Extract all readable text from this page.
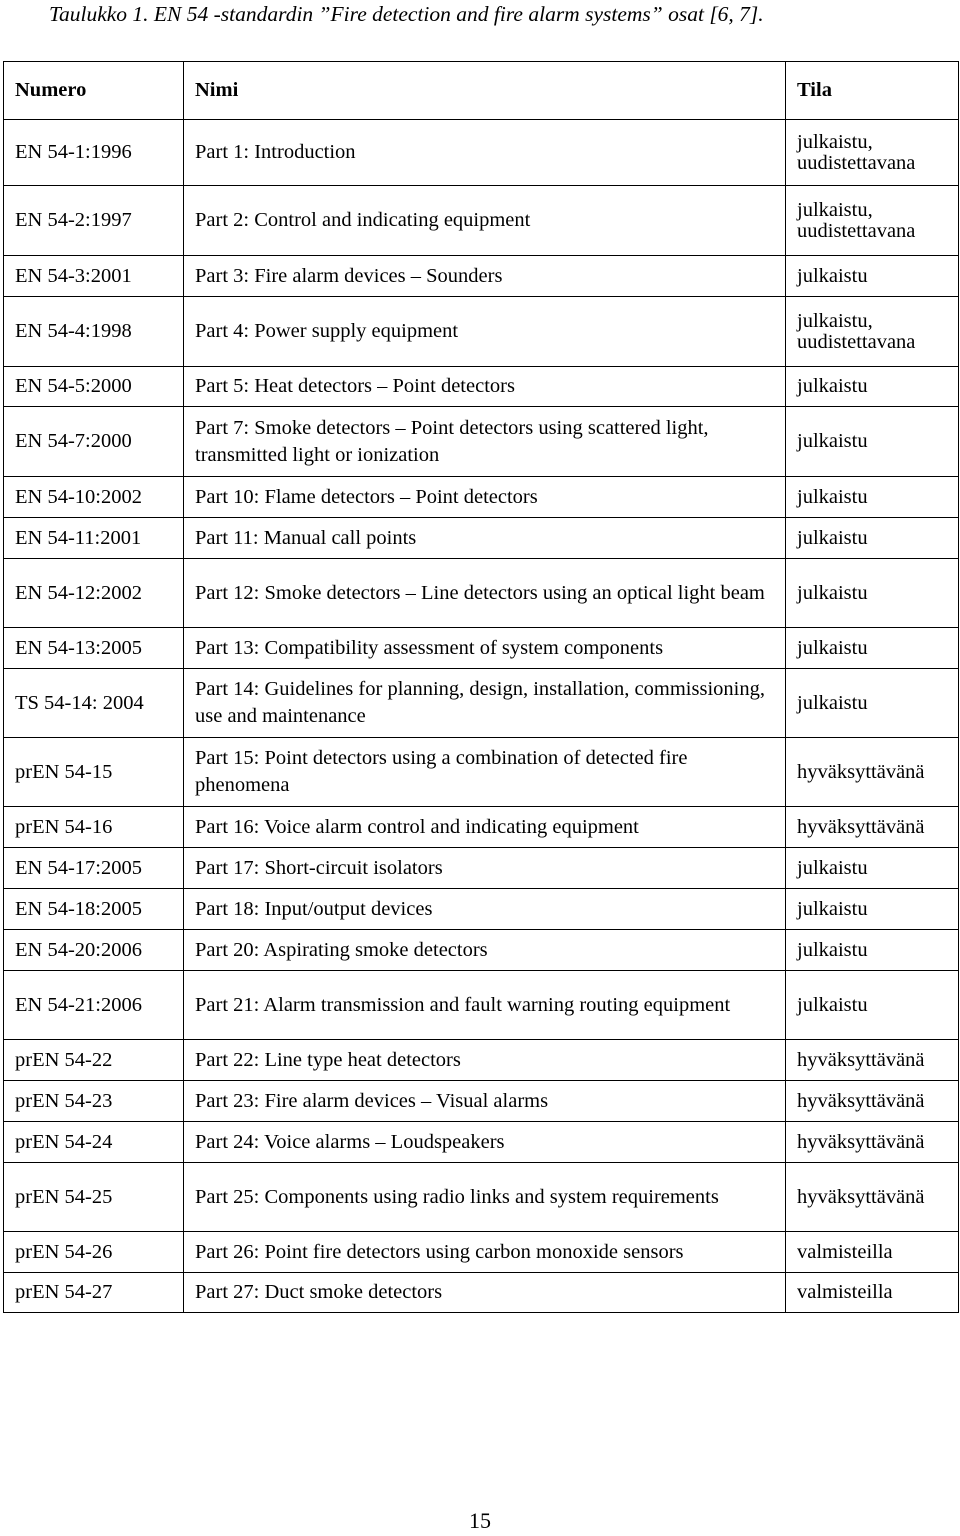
Taulukko 1. EN 54 -standardin ”Fire detection and fire alarm systems” osat [6, 7].
Numero	Nimi	Tila
EN 54-1:1996	Part 1: Introduction	julkaistu, uudistettavana
EN 54-2:1997	Part 2: Control and indicating equipment	julkaistu, uudistettavana
EN 54-3:2001	Part 3: Fire alarm devices – Sounders	julkaistu
EN 54-4:1998	Part 4: Power supply equipment	julkaistu, uudistettavana
EN 54-5:2000	Part 5: Heat detectors – Point detectors	julkaistu
EN 54-7:2000	Part 7: Smoke detectors – Point detectors using scattered light, transmitted light or ionization	julkaistu
EN 54-10:2002	Part 10: Flame detectors – Point detectors	julkaistu
EN 54-11:2001	Part 11: Manual call points	julkaistu
EN 54-12:2002	Part 12: Smoke detectors – Line detectors using an optical light beam	julkaistu
EN 54-13:2005	Part 13: Compatibility assessment of system components	julkaistu
TS 54-14: 2004	Part 14: Guidelines for planning, design, installation, commissioning, use and maintenance	julkaistu
prEN 54-15	Part 15: Point detectors using a combination of detected fire phenomena	hyväksyttävänä
prEN 54-16	Part 16: Voice alarm control and indicating equipment	hyväksyttävänä
EN 54-17:2005	Part 17: Short-circuit isolators	julkaistu
EN 54-18:2005	Part 18: Input/output devices	julkaistu
EN 54-20:2006	Part 20: Aspirating smoke detectors	julkaistu
EN 54-21:2006	Part 21: Alarm transmission and fault warning routing equipment	julkaistu
prEN 54-22	Part 22: Line type heat detectors	hyväksyttävänä
prEN 54-23	Part 23: Fire alarm devices – Visual alarms	hyväksyttävänä
prEN 54-24	Part 24: Voice alarms – Loudspeakers	hyväksyttävänä
prEN 54-25	Part 25: Components using radio links and system requirements	hyväksyttävänä
prEN 54-26	Part 26: Point fire detectors using carbon monoxide sensors	valmisteilla
prEN 54-27	Part 27: Duct smoke detectors	valmisteilla
15
